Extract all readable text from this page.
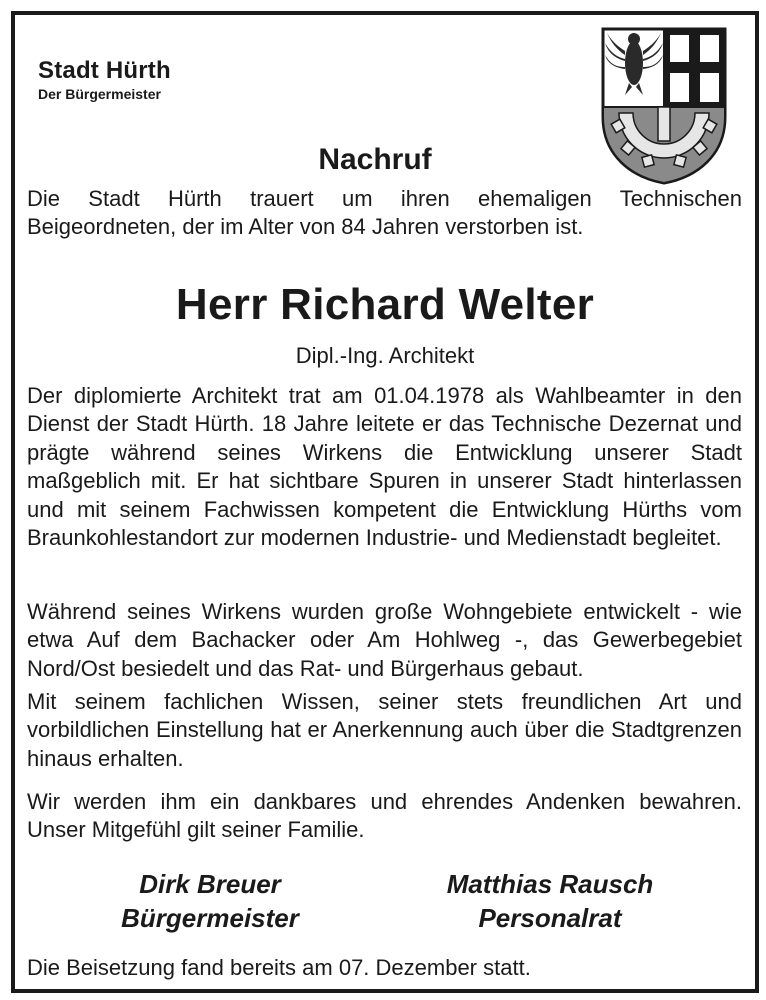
Stadt Hürth
Der Bürgermeister
Nachruf
Die Stadt Hürth trauert um ihren ehemaligen Technischen Beigeordneten, der im Alter von 84 Jahren verstorben ist.
Herr Richard Welter
Dipl.-Ing. Architekt
Der diplomierte Architekt trat am 01.04.1978 als Wahlbeamter in den Dienst der Stadt Hürth. 18 Jahre leitete er das Technische Dezernat und prägte während seines Wirkens die Entwicklung unserer Stadt maßgeblich mit. Er hat sichtbare Spuren in unserer Stadt hinterlassen und mit seinem Fachwissen kompetent die Entwicklung Hürths vom Braunkohlestandort zur modernen Industrie- und Medienstadt begleitet.
Während seines Wirkens wurden große Wohngebiete entwickelt - wie etwa Auf dem Bachacker oder Am Hohlweg -, das Gewerbegebiet Nord/Ost besiedelt und das Rat- und Bürgerhaus gebaut.
Mit seinem fachlichen Wissen, seiner stets freundlichen Art und vorbildlichen Einstellung hat er Anerkennung auch über die Stadtgrenzen hinaus erhalten.
Wir werden ihm ein dankbares und ehrendes Andenken bewahren. Unser Mitgefühl gilt seiner Familie.
Dirk Breuer
Bürgermeister
Matthias Rausch
Personalrat
Die Beisetzung fand bereits am 07. Dezember statt.
